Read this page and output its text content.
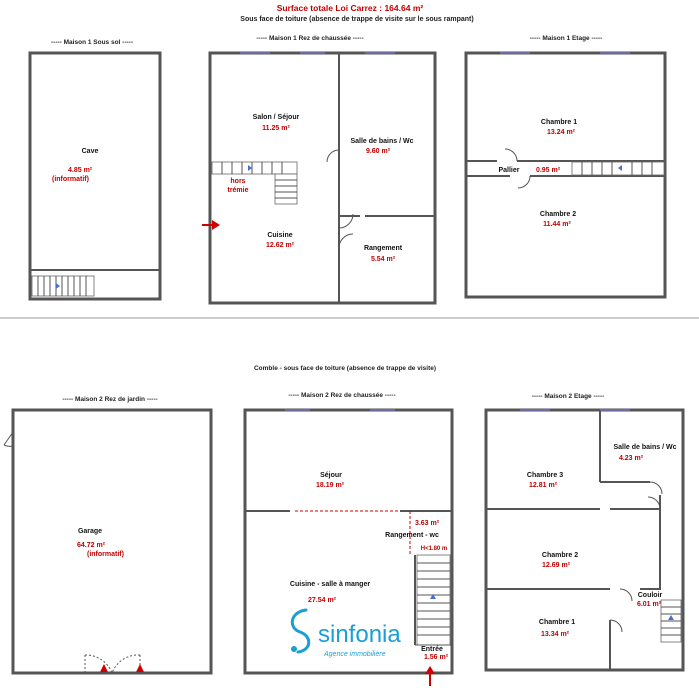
Surface totale Loi Carrez : 164.64 m²
Sous face de toiture (absence de trappe de visite sur le sous rampant)
----- Maison 1 Sous sol -----
----- Maison 1 Rez de chaussée -----	----- Maison 1 Etage -----
Comble - sous face de toiture (absence de trappe de visite)
----- Maison 2 Rez de jardin -----
----- Maison 2 Rez de chaussée -----	----- Maison 2 Etage -----
Cave
4.85 m²
(informatif)
Salon / Séjour
11.25 m²
hors
trémie
Cuisine
12.62 m²
Salle de bains / Wc
9.60 m²
Rangement
5.54 m²
Chambre 1
13.24 m²
Pallier 0.95 m²
Chambre 2
11.44 m²
Garage
64.72 m²
(informatif)
Séjour
18.19 m²
3.63 m²
Rangement - wc
H<1.80 m
Cuisine - salle à manger
27.54 m²
Entrée
1.56 m²
sinfonia
Agence immobilière
Chambre 3
12.81 m²
Salle de bains / Wc
4.23 m²
Chambre 2
12.69 m²
Couloir
6.01 m²
Chambre 1
13.34 m²
